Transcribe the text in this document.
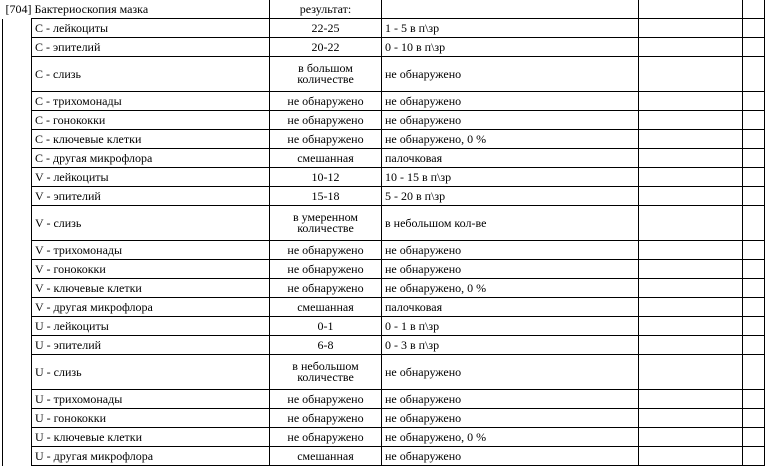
[704] Бактериоскопия мазка		результат:			
	C - лейкоциты	22-25	1 - 5 в п\зр		
	C - эпителий	20-22	0 - 10 в п\зр		
	C - слизь	в большом количестве	не обнаружено		
	C - трихомонады	не обнаружено	не обнаружено		
	C - гонококки	не обнаружено	не обнаружено		
	C - ключевые клетки	не обнаружено	не обнаружено, 0 %		
	C - другая микрофлора	смешанная	палочковая		
	V - лейкоциты	10-12	10 - 15 в п\зр		
	V - эпителий	15-18	5 - 20 в п\зр		
	V - слизь	в умеренном количестве	в небольшом кол-ве		
	V - трихомонады	не обнаружено	не обнаружено		
	V - гонококки	не обнаружено	не обнаружено		
	V - ключевые клетки	не обнаружено	не обнаружено, 0 %		
	V - другая микрофлора	смешанная	палочковая		
	U - лейкоциты	0-1	0 - 1 в п\зр		
	U - эпителий	6-8	0 - 3 в п\зр		
	U - слизь	в небольшом количестве	не обнаружено		
	U - трихомонады	не обнаружено	не обнаружено		
	U - гонококки	не обнаружено	не обнаружено		
	U - ключевые клетки	не обнаружено	не обнаружено, 0 %		
	U - другая микрофлора	смешанная	не обнаружено		
